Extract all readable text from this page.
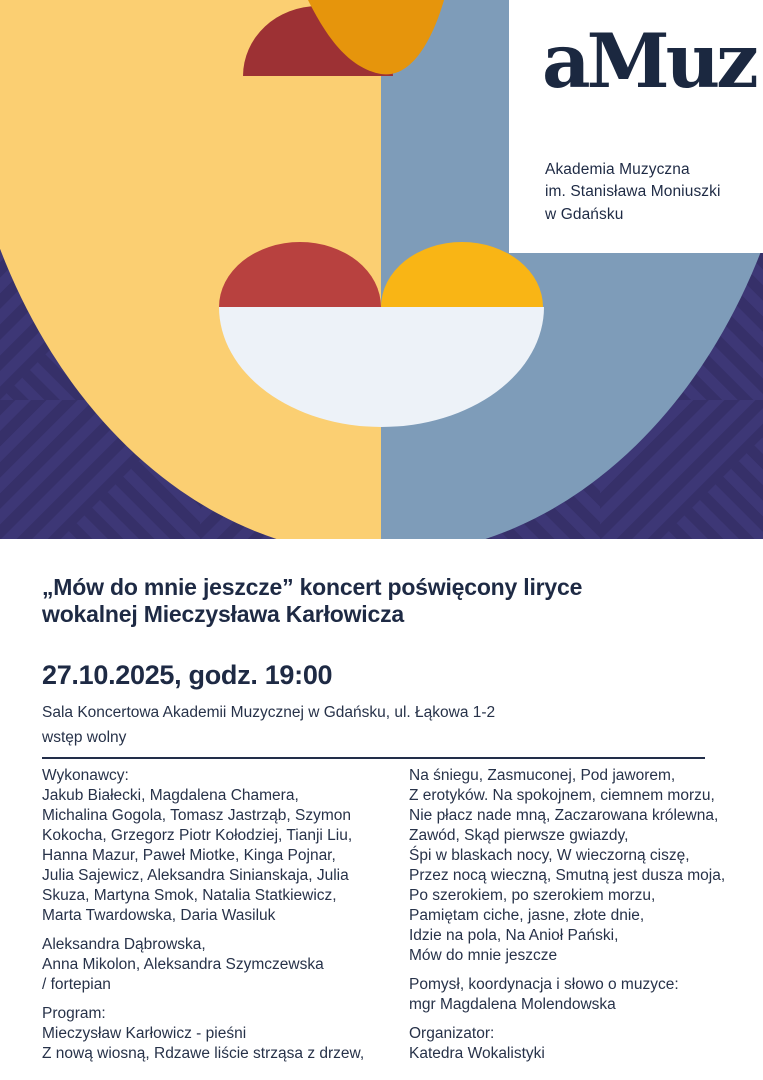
aMuz
Akademia Muzyczna
im. Stanisława Moniuszki
w Gdańsku
„Mów do mnie jeszcze” koncert poświęcony liryce
wokalnej Mieczysława Karłowicza
27.10.2025, godz. 19:00
Sala Koncertowa Akademii Muzycznej w Gdańsku, ul. Łąkowa 1-2
wstęp wolny
Wykonawcy:
Jakub Białecki, Magdalena Chamera,
Michalina Gogola, Tomasz Jastrząb, Szymon
Kokocha, Grzegorz Piotr Kołodziej, Tianji Liu,
Hanna Mazur, Paweł Miotke, Kinga Pojnar,
Julia Sajewicz, Aleksandra Sinianskaja, Julia
Skuza, Martyna Smok, Natalia Statkiewicz,
Marta Twardowska, Daria Wasiluk
Aleksandra Dąbrowska,
Anna Mikolon, Aleksandra Szymczewska
/ fortepian
Program:
Mieczysław Karłowicz - pieśni
Z nową wiosną, Rdzawe liście strząsa z drzew,
Na śniegu, Zasmuconej, Pod jaworem,
Z erotyków. Na spokojnem, ciemnem morzu,
Nie płacz nade mną, Zaczarowana królewna,
Zawód, Skąd pierwsze gwiazdy,
Śpi w blaskach nocy, W wieczorną ciszę,
Przez nocą wieczną, Smutną jest dusza moja,
Po szerokiem, po szerokiem morzu,
Pamiętam ciche, jasne, złote dnie,
Idzie na pola, Na Anioł Pański,
Mów do mnie jeszcze
Pomysł, koordynacja i słowo o muzyce:
mgr Magdalena Molendowska
Organizator:
Katedra Wokalistyki
